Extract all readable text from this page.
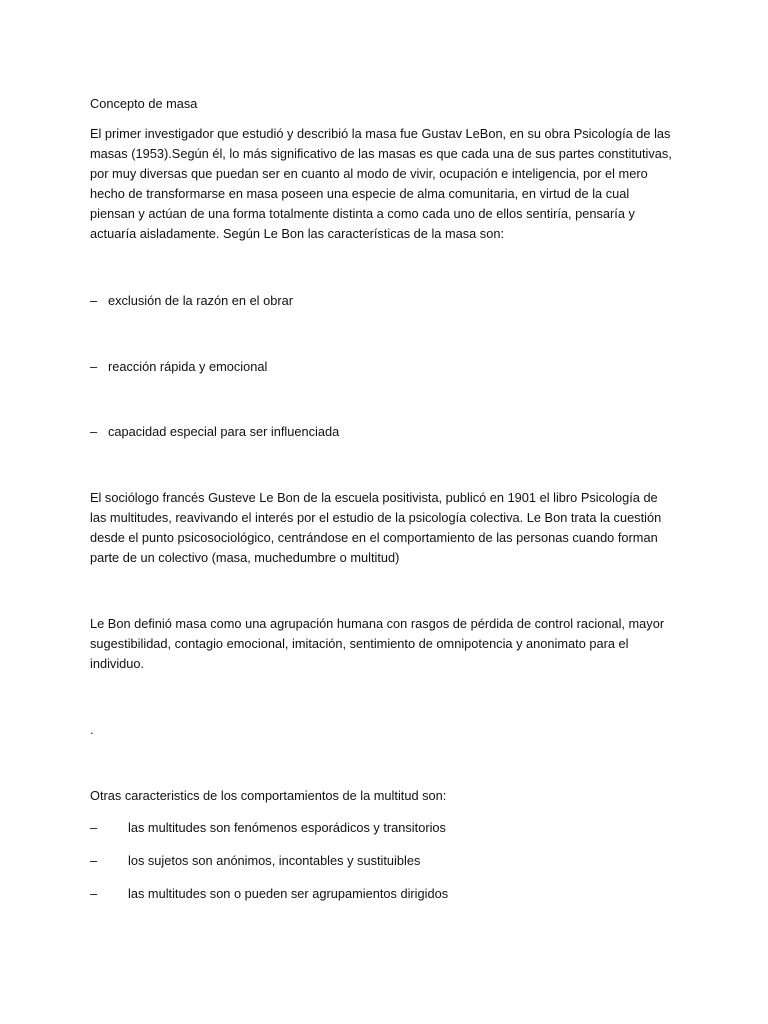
Concepto de masa

El primer investigador que estudió y describió la masa fue Gustav LeBon, en su obra Psicología de las masas (1953).Según él, lo más significativo de las masas es que cada una de sus partes constitutivas, por muy diversas que puedan ser en cuanto al modo de vivir, ocupación e inteligencia, por el mero hecho de transformarse en masa poseen una especie de alma comunitaria, en virtud de la cual piensan y actúan de una forma totalmente distinta a como cada uno de ellos sentiría, pensaría y actuaría aisladamente. Según Le Bon las características de la masa son:

– exclusión de la razón en el obrar
– reacción rápida y emocional
– capacidad especial para ser influenciada

El sociólogo francés Gusteve Le Bon de la escuela positivista, publicó en 1901 el libro Psicología de las multitudes, reavivando el interés por el estudio de la psicología colectiva. Le Bon trata la cuestión desde el punto psicosociológico, centrándose en el comportamiento de las personas cuando forman parte de un colectivo (masa, muchedumbre o multitud)

Le Bon definió masa como una agrupación humana con rasgos de pérdida de control racional, mayor sugestibilidad, contagio emocional, imitación, sentimiento de omnipotencia y anonimato para el individuo.

.
Otras caracteristics de los comportamientos de la multitud son:
– las multitudes son fenómenos esporádicos y transitorios
– los sujetos son anónimos, incontables y sustituibles
– las multitudes son o pueden ser agrupamientos dirigidos
